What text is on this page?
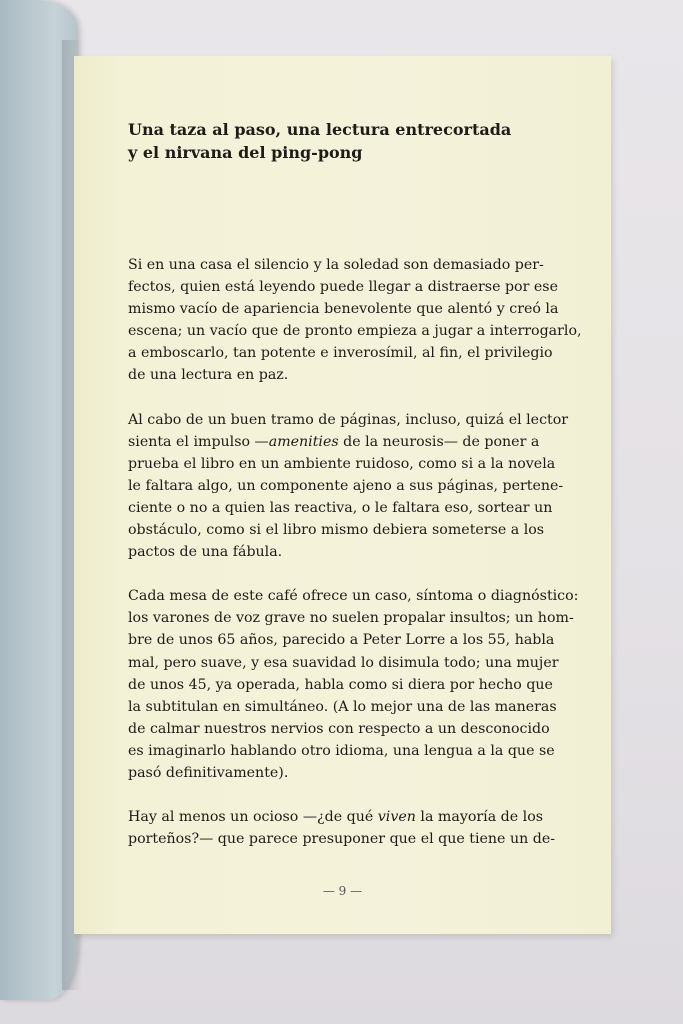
Una taza al paso, una lectura entrecortada
y el nirvana del ping-pong

Si en una casa el silencio y la soledad son demasiado per-
fectos, quien está leyendo puede llegar a distraerse por ese
mismo vacío de apariencia benevolente que alentó y creó la
escena; un vacío que de pronto empieza a jugar a interrogarlo,
a emboscarlo, tan potente e inverosímil, al fin, el privilegio
de una lectura en paz.

Al cabo de un buen tramo de páginas, incluso, quizá el lector
sienta el impulso —amenities de la neurosis— de poner a
prueba el libro en un ambiente ruidoso, como si a la novela
le faltara algo, un componente ajeno a sus páginas, pertene-
ciente o no a quien las reactiva, o le faltara eso, sortear un
obstáculo, como si el libro mismo debiera someterse a los
pactos de una fábula.

Cada mesa de este café ofrece un caso, síntoma o diagnóstico:
los varones de voz grave no suelen propalar insultos; un hom-
bre de unos 65 años, parecido a Peter Lorre a los 55, habla
mal, pero suave, y esa suavidad lo disimula todo; una mujer
de unos 45, ya operada, habla como si diera por hecho que
la subtitulan en simultáneo. (A lo mejor una de las maneras
de calmar nuestros nervios con respecto a un desconocido
es imaginarlo hablando otro idioma, una lengua a la que se
pasó definitivamente).

Hay al menos un ocioso —¿de qué viven la mayoría de los
porteños?— que parece presuponer que el que tiene un de-

— 9 —
